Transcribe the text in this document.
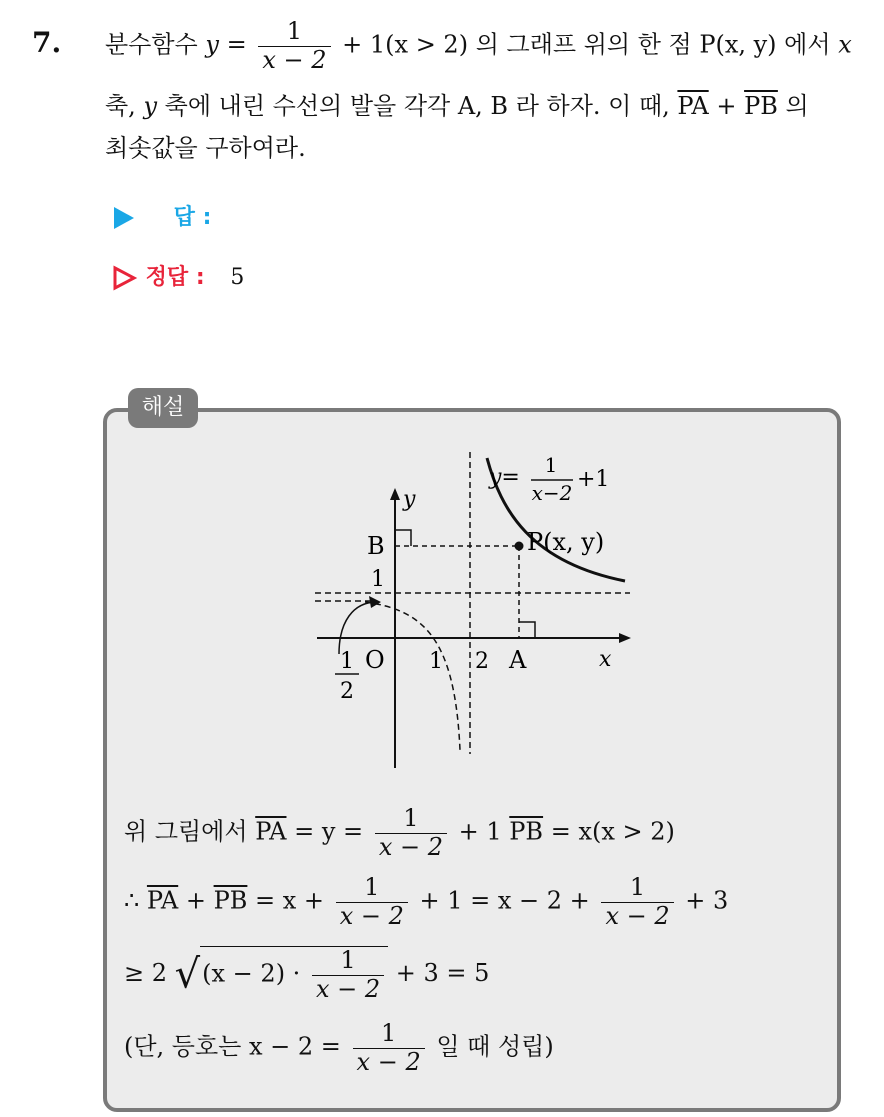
7. 분수함수 $y = \frac{1}{x - 2} + 1(x > 2)$ 의 그래프 위의 한 점 P(x, y) 에서 x
축, y 축에 내린 수선의 발을 각각 A, B 라 하자. 이 때, $\overline{PA} + \overline{PB}$ 의
최솟값을 구하여라.
답 :
정답 : 5
해설
y= 1
x−2
+1
y
x
B
1
P(x, y)
O 1 2 A
1
2
위 그림에서 $\overline{PA} = y = \frac{1}{x - 2} + 1$ $\overline{PB} = x(x > 2)$
∴ $\overline{PA} + \overline{PB} = x + \frac{1}{x - 2} + 1 = x - 2 + \frac{1}{x - 2} + 3$
≥ 2 $√(x - 2) \cdot \frac{1}{x - 2} + 3 = 5$
(단, 등호는 $x - 2 = \frac{1}{x - 2}$ 일 때 성립)
